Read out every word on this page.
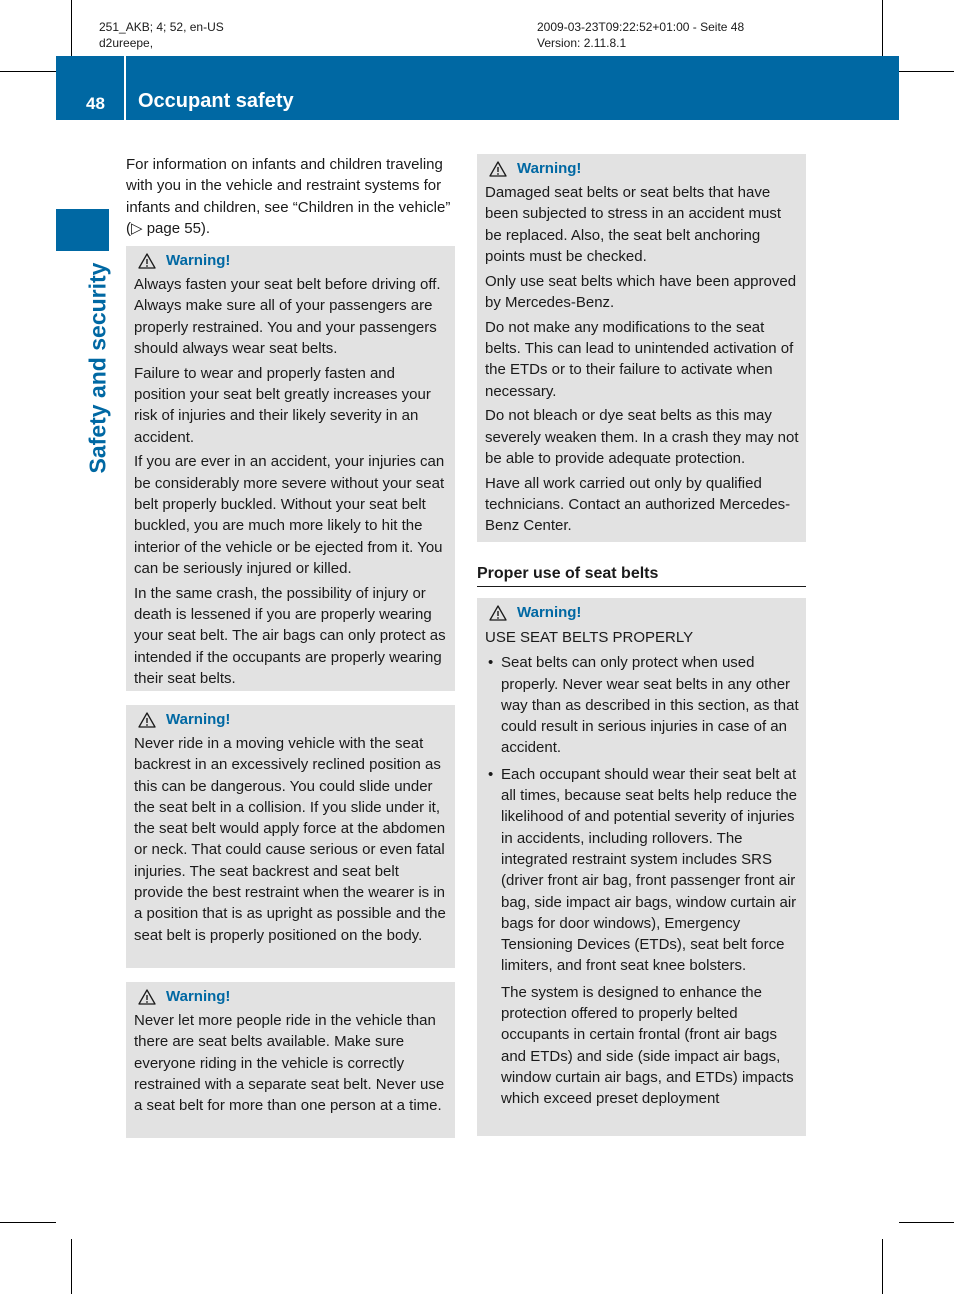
251_AKB; 4; 52, en-US
d2ureepe,
2009-03-23T09:22:52+01:00 - Seite 48
Version: 2.11.8.1
48 Occupant safety
Safety and security

For information on infants and children traveling with you in the vehicle and restraint systems for infants and children, see “Children in the vehicle” (▷ page 55).

Warning!

Always fasten your seat belt before driving off. Always make sure all of your passengers are properly restrained. You and your passengers should always wear seat belts.

Failure to wear and properly fasten and position your seat belt greatly increases your risk of injuries and their likely severity in an accident.

If you are ever in an accident, your injuries can be considerably more severe without your seat belt properly buckled. Without your seat belt buckled, you are much more likely to hit the interior of the vehicle or be ejected from it. You can be seriously injured or killed.

In the same crash, the possibility of injury or death is lessened if you are properly wearing your seat belt. The air bags can only protect as intended if the occupants are properly wearing their seat belts.

Warning!

Never ride in a moving vehicle with the seat backrest in an excessively reclined position as this can be dangerous. You could slide under the seat belt in a collision. If you slide under it, the seat belt would apply force at the abdomen or neck. That could cause serious or even fatal injuries. The seat backrest and seat belt provide the best restraint when the wearer is in a position that is as upright as possible and the seat belt is properly positioned on the body.

Warning!

Never let more people ride in the vehicle than there are seat belts available. Make sure everyone riding in the vehicle is correctly restrained with a separate seat belt. Never use a seat belt for more than one person at a time.

Warning!

Damaged seat belts or seat belts that have been subjected to stress in an accident must be replaced. Also, the seat belt anchoring points must be checked.

Only use seat belts which have been approved by Mercedes-Benz.

Do not make any modifications to the seat belts. This can lead to unintended activation of the ETDs or to their failure to activate when necessary.

Do not bleach or dye seat belts as this may severely weaken them. In a crash they may not be able to provide adequate protection.

Have all work carried out only by qualified technicians. Contact an authorized Mercedes-Benz Center.

Proper use of seat belts
Warning!

USE SEAT BELTS PROPERLY

• Seat belts can only protect when used properly. Never wear seat belts in any other way than as described in this section, as that could result in serious injuries in case of an accident.
• Each occupant should wear their seat belt at all times, because seat belts help reduce the likelihood of and potential severity of injuries in accidents, including rollovers. The integrated restraint system includes SRS (driver front air bag, front passenger front air bag, side impact air bags, window curtain air bags for door windows), Emergency Tensioning Devices (ETDs), seat belt force limiters, and front seat knee bolsters.

The system is designed to enhance the protection offered to properly belted occupants in certain frontal (front air bags and ETDs) and side (side impact air bags, window curtain air bags, and ETDs) impacts which exceed preset deployment
